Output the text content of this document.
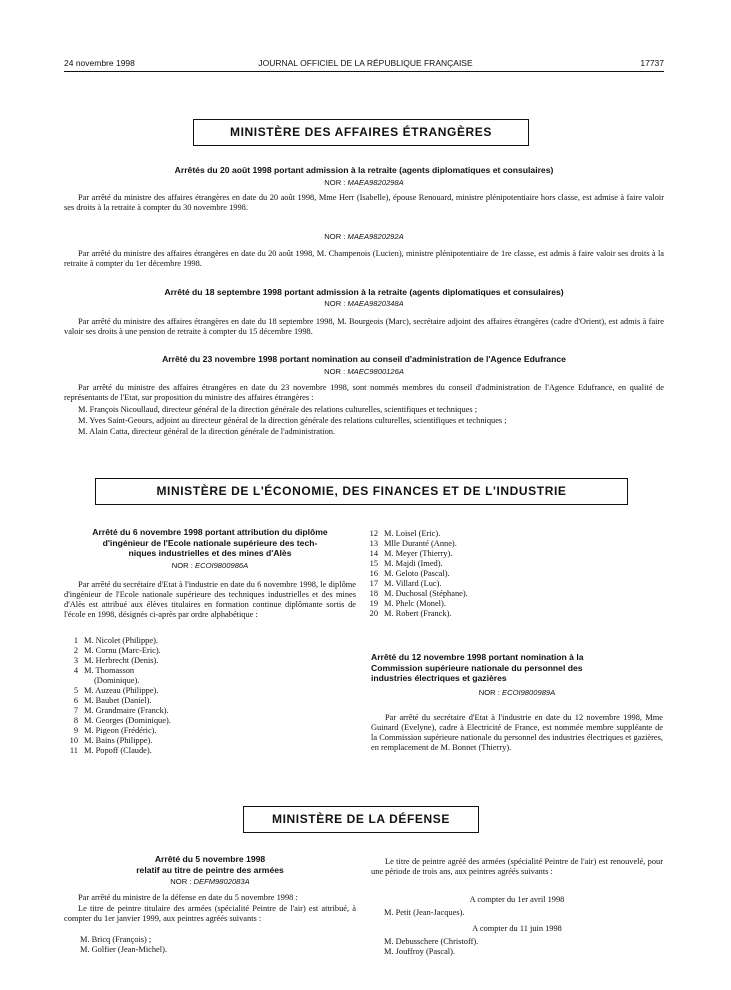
24 novembre 1998	JOURNAL OFFICIEL DE LA RÉPUBLIQUE FRANÇAISE	17737
MINISTÈRE DES AFFAIRES ÉTRANGÈRES
Arrêtés du 20 août 1998 portant admission à la retraite (agents diplomatiques et consulaires)
NOR : MAEA9820298A
Par arrêté du ministre des affaires étrangères en date du 20 août 1998, Mme Herr (Isabelle), épouse Renouard, ministre plénipotentiaire hors classe, est admise à faire valoir ses droits à la retraite à compter du 30 novembre 1998.
NOR : MAEA9820292A
Par arrêté du ministre des affaires étrangères en date du 20 août 1998, M. Champenois (Lucien), ministre plénipotentiaire de 1re classe, est admis à faire valoir ses droits à la retraite à compter du 1er décembre 1998.
Arrêté du 18 septembre 1998 portant admission à la retraite (agents diplomatiques et consulaires)
NOR : MAEA9820348A
Par arrêté du ministre des affaires étrangères en date du 18 septembre 1998, M. Bourgeois (Marc), secrétaire adjoint des affaires étrangères (cadre d'Orient), est admis à faire valoir ses droits à une pension de retraite à compter du 15 décembre 1998.
Arrêté du 23 novembre 1998 portant nomination au conseil d'administration de l'Agence Edufrance
NOR : MAEC9800126A
Par arrêté du ministre des affaires étrangères en date du 23 novembre 1998, sont nommés membres du conseil d'administration de l'Agence Edufrance, en qualité de représentants de l'Etat, sur proposition du ministre des affaires étrangères :
M. François Nicoullaud, directeur général de la direction générale des relations culturelles, scientifiques et techniques ;
M. Yves Saint-Geours, adjoint au directeur général de la direction générale des relations culturelles, scientifiques et techniques ;
M. Alain Catta, directeur général de la direction générale de l'administration.
MINISTÈRE DE L'ÉCONOMIE, DES FINANCES ET DE L'INDUSTRIE
Arrêté du 6 novembre 1998 portant attribution du diplôme
d'ingénieur de l'Ecole nationale supérieure des tech-
niques industrielles et des mines d'Alès
NOR : ECOI9800986A
Par arrêté du secrétaire d'Etat à l'industrie en date du 6 novembre 1998, le diplôme d'ingénieur de l'Ecole nationale supérieure des techniques industrielles et des mines d'Alès est attribué aux élèves titulaires en formation continue diplômante sortis de l'école en 1998, désignés ci-après par ordre alphabétique :
1 M. Nicolet (Philippe).
2 M. Cornu (Marc-Eric).
3 M. Herbrecht (Denis).
4 M. Thomasson
(Dominique).
5 M. Auzeau (Philippe).
6 M. Baubet (Daniel).
7 M. Grandmaire (Franck).
8 M. Georges (Dominique).
9 M. Pigeon (Frédéric).
10 M. Bains (Philippe).
11 M. Popoff (Claude).
12 M. Loisel (Eric).
13 Mlle Duranté (Anne).
14 M. Meyer (Thierry).
15 M. Majdi (Imed).
16 M. Geloto (Pascal).
17 M. Villard (Luc).
18 M. Duchosal (Stéphane).
19 M. Phelc (Monel).
20 M. Robert (Franck).
Arrêté du 12 novembre 1998 portant nomination à la
Commission supérieure nationale du personnel des
industries électriques et gazières
NOR : ECOI9800989A
Par arrêté du secrétaire d'Etat à l'industrie en date du 12 novembre 1998, Mme Guinard (Evelyne), cadre à Electricité de France, est nommée membre suppléante de la Commission supérieure nationale du personnel des industries électriques et gazières, en remplacement de M. Bonnet (Thierry).
MINISTÈRE DE LA DÉFENSE
Arrêté du 5 novembre 1998
relatif au titre de peintre des armées
NOR : DEFM9802083A
Par arrêté du ministre de la défense en date du 5 novembre 1998 :
Le titre de peintre titulaire des armées (spécialité Peintre de l'air) est attribué, à compter du 1er janvier 1999, aux peintres agréés suivants :
M. Bricq (François) ;
M. Golfier (Jean-Michel).
Le titre de peintre agréé des armées (spécialité Peintre de l'air) est renouvelé, pour une période de trois ans, aux peintres agréés suivants :
A compter du 1er avril 1998
M. Petit (Jean-Jacques).
A compter du 11 juin 1998
M. Debusschere (Christoff).
M. Jouffroy (Pascal).
